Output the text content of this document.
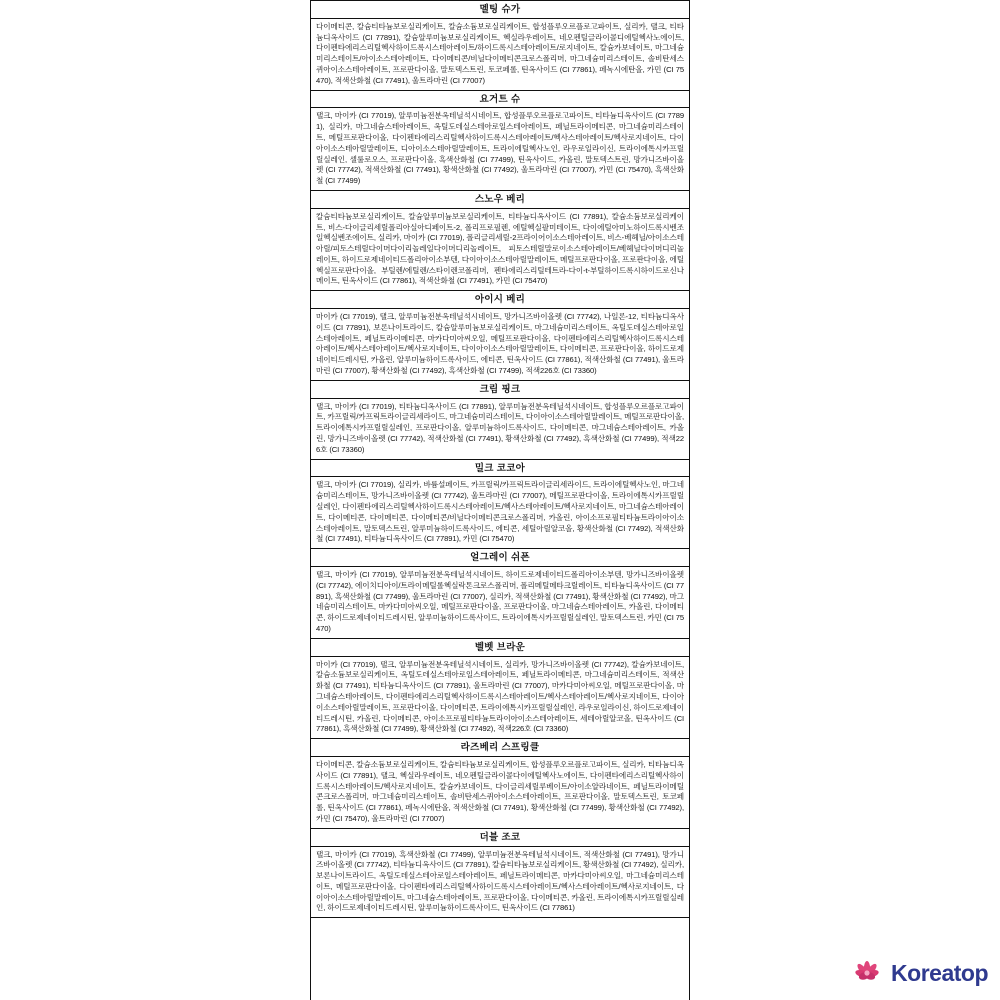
멜팅 슈가
다이메티콘, 칼슘티타늄보로실리케이트, 칼슘소듐보로실리케이트, 합성플루오르플로고파이트, 실리카, 탤크, 티타늄디옥사이드 (CI 77891), 칼슘알루미늄보로실리케이트, 헥실라우레이트, 네오펜틸글라이콜디에틸헥사노에이트, 다이펜타에리스리틸헥사하이드록시스테아레이트/하이드록시스테아레이트/로지네이트, 칼슘카보네이트, 마그네슘미리스테이트/아이소스테아레이트, 다이메티콘/비닐다이메티콘크로스폴리머, 마그네슘미리스테이트, 솔비탄세스퀴아이소스테아레이트, 프로판다이올, 말토덱스트린, 토코페롤, 틴옥사이드 (CI 77861), 페녹시에탄올, 카민 (CI 75470), 적색산화철 (CI 77491), 울트라마린 (CI 77007)
요거트 슈
탤크, 마이카 (CI 77019), 알루미늄전분옥테닐석시네이트, 합성플루오르플로고파이트, 티타늄디옥사이드 (CI 77891), 실리카, 마그네슘스테아레이트, 옥틸도데실스테아로일스테아레이트, 페닐트라이메티콘, 마그네슘미리스테이트, 메틸프로판다이올, 다이펜타에리스리틸헥사하이드록시스테아레이트/헥사스테아레이트/헥사로지네이트, 다이아이소스테아릴말레이트, 디아이소스테아릴말레이트, 트라이에틸헥사노인, 라우로일라이신, 트라이에톡시카프릴릴실레인, 셀룰로오스, 프로판다이올, 흑색산화철 (CI 77499), 틴옥사이드, 카올린, 말토덱스트린, 망가니즈바이올렛 (CI 77742), 적색산화철 (CI 77491), 황색산화철 (CI 77492), 울트라마린 (CI 77007), 카민 (CI 75470), 흑색산화철 (CI 77499)
스노우 베리
칼슘티타늄보로실리케이트, 칼슘알루미늄보로실리케이트, 티타늄디옥사이드 (CI 77891), 칼슘소듐보로실리케이트, 비스-다이글리세릴폴리아실아디페이트-2, 폴리프로필렌, 에틸헥실팔미테이트, 다이에틸아미노하이드록시벤조일헥실벤조에이트, 실리카, 마이카 (CI 77019), 폴리글리세릴-2프라이어이소스테아레이트, 비스-베헤닐/아이소스테아릴/피토스테릴다이머다이리놀레일다이머디리놀레이트, 피토스테릴말로이소스테아레이트/베헤닐다이머디리놀레이트, 하이드로제네이티드폴리아이소부텐, 다이아이소스테아릴말레이트, 메틸프로판다이올, 프로판다이올, 에틸헥실프로판다이올, 부틸렌/에틸렌/스타이렌코폴리머, 펜타에리스리틸테트라-다이-t-부틸하이드록시하이드로신나메이트, 틴옥사이드 (CI 77861), 적색산화철 (CI 77491), 카민 (CI 75470)
아이시 베리
마이카 (CI 77019), 탤크, 알루미늄전분옥테닐석시네이트, 망가니즈바이올렛 (CI 77742), 나일론-12, 티타늄디옥사이드 (CI 77891), 보론나이트라이드, 칼슘알루미늄보로실리케이트, 마그네슘미리스테이트, 옥틸도데실스테아로일스테아레이트, 페닐트라이메티콘, 마카다미아씨오일, 메틸프로판다이올, 다이펜타에리스리틸헥사하이드록시스테아레이트/헥사스테아레이트/헥사로지네이트, 다이아이소스테아릴말레이트, 다이메티콘, 프로판다이올, 하이드로제네이티드레시틴, 카올린, 알루미늄하이드록사이드, 에티콘, 틴옥사이드 (CI 77861), 적색산화철 (CI 77491), 울트라마린 (CI 77007), 황색산화철 (CI 77492), 흑색산화철 (CI 77499), 적색226호 (CI 73360)
크림 핑크
탤크, 마이카 (CI 77019), 티타늄디옥사이드 (CI 77891), 알루미늄전분옥테닐석시네이트, 합성플루오르플로고파이트, 카프릴릭/카프릭트라이글리세라이드, 마그네슘미리스테이트, 다이아이소스테아릴말레이트, 메틸프로판다이올, 트라이에톡시카프릴릴실레인, 프로판다이올, 알루미늄하이드록사이드, 다이메티콘, 마그네슘스테아레이트, 카올린, 망가니즈바이올렛 (CI 77742), 적색산화철 (CI 77491), 황색산화철 (CI 77492), 흑색산화철 (CI 77499), 적색226호 (CI 73360)
밀크 코코아
탤크, 마이카 (CI 77019), 실리카, 바륨설페이트, 카프릴릭/카프릭트라이글리세라이드, 트라이에틸헥사노인, 마그네슘미리스테이트, 망가니즈바이올렛 (CI 77742), 울트라마린 (CI 77007), 메틸프로판다이올, 트라이에톡시카프릴릴실레인, 다이펜타에리스리틸헥사하이드록시스테아레이트/헥사스테아레이트/헥사로지네이트, 마그네슘스테아레이트, 다이메티콘, 다이메티콘, 다이메티콘/비닐다이메티콘크로스폴리머, 카올린, 아이소프로필티타늄트라이아이소스테아레이트, 말토덱스트린, 알루미늄하이드록사이드, 에티콘, 세틸아릴알코올, 황색산화철 (CI 77492), 적색산화철 (CI 77491), 티타늄디옥사이드 (CI 77891), 카민 (CI 75470)
얼그레이 쉬폰
탤크, 마이카 (CI 77019), 알루미늄전분옥테닐석시네이트, 하이드로제네이티드폴리아이소부텐, 망가니즈바이올렛 (CI 77742), 에이치디아이/트라이메틸롤헥실락톤크로스폴리머, 폴리메틸메타크릴레이트, 티타늄디옥사이드 (CI 77891), 흑색산화철 (CI 77499), 울트라마린 (CI 77007), 실리카, 적색산화철 (CI 77491), 황색산화철 (CI 77492), 마그네슘미리스테이트, 마카다미아씨오일, 메틸프로판다이올, 프로판다이올, 마그네슘스테아레이트, 카올린, 다이메티콘, 하이드로제네이티드레시틴, 알루미늄하이드록사이드, 트라이에톡시카프릴릴실레인, 말토덱스트린, 카민 (CI 75470)
벨벳 브라운
마이카 (CI 77019), 탤크, 알루미늄전분옥테닐석시네이트, 실리카, 망가니즈바이올렛 (CI 77742), 칼슘카보네이트, 칼슘소듐보로실리케이트, 옥틸도데실스테아로일스테아레이트, 페닐트라이메티콘, 마그네슘미리스테이트, 적색산화철 (CI 77491), 티타늄디옥사이드 (CI 77891), 울트라마린 (CI 77007), 마카다미아씨오일, 메틸프로판다이올, 마그네슘스테아레이트, 다이펜타에리스리틸헥사하이드록시스테아레이트/헥사스테아레이트/헥사로지네이트, 다이아이소스테아릴말레이트, 프로판다이올, 다이메티콘, 트라이에톡시카프릴릴실레인, 라우로일라이신, 하이드로제네이티드레시틴, 카올린, 다이메티콘, 아이소프로필티타늄트라이아이소스테아레이트, 세테아릴알코올, 틴옥사이드 (CI 77861), 흑색산화철 (CI 77499), 황색산화철 (CI 77492), 적색226호 (CI 73360)
라즈베리 스프링클
다이메티콘, 칼슘소듐보로실리케이트, 칼슘티타늄보로실리케이트, 합성플루오르플로고파이트, 실리카, 티타늄디옥사이드 (CI 77891), 탤크, 헥실라우레이트, 네오펜틸글라이콜다이에틸헥사노에이트, 다이펜타에리스리틸헥사하이드록시스테아레이트/헥사로지네이트, 칼슘카보네이트, 다이글리세릴루베이트/아이소알라네이트, 페닐트라이메틸콘크로스폴리머, 마그네슘미리스테이트, 솔비탄세스퀴아이소스테아레이트, 프로판다이올, 말토덱스트린, 토코페롤, 틴옥사이드 (CI 77861), 페녹시에탄올, 적색산화철 (CI 77491), 황색산화철 (CI 77499), 황색산화철 (CI 77492), 카민 (CI 75470), 울트라마린 (CI 77007)
더블 조코
탤크, 마이카 (CI 77019), 흑색산화철 (CI 77499), 알루미늄전분옥테닐석시네이트, 적색산화철 (CI 77491), 망가니즈바이올렛 (CI 77742), 티타늄디옥사이드 (CI 77891), 칼슘티타늄보로실리케이트, 황색산화철 (CI 77492), 실리카, 보론나이트라이드, 옥틸도데실스테아로일스테아레이트, 페닐트라이메티콘, 마카다미아씨오일, 마그네슘미리스테이트, 메틸프로판다이올, 다이펜타에리스리틸헥사하이드록시스테아레이트/헥사스테아레이트/헥사로지네이트, 다이아이소스테아릴말레이트, 마그네슘스테아레이트, 프로판다이올, 다이메티콘, 카올린, 트라이에톡시카프릴릴실레인, 하이드로제네이티드레시틴, 알루미늄하이드록사이드, 틴옥사이드 (CI 77861)
Koreatop
